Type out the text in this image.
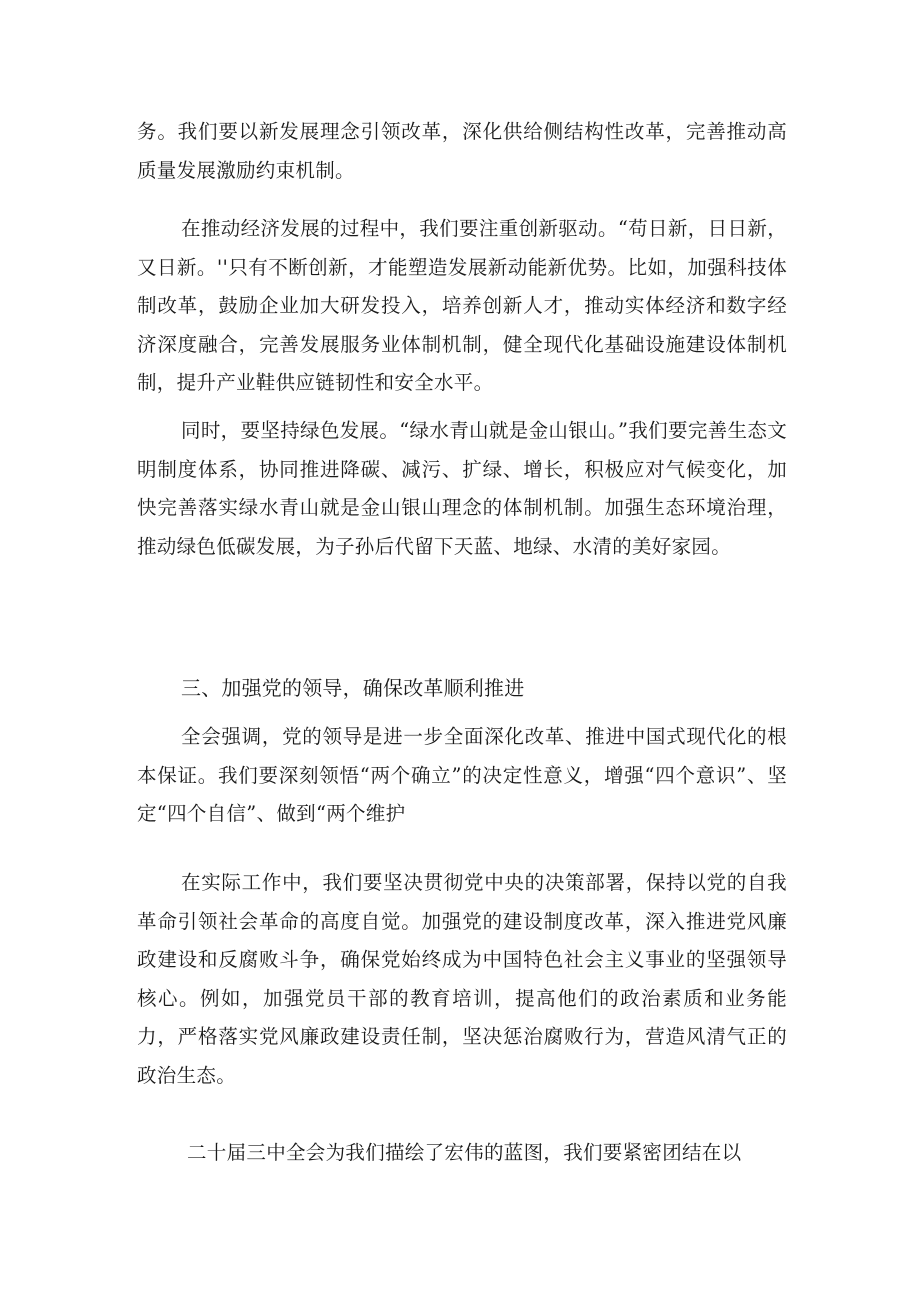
务。我们要以新发展理念引领改革，深化供给侧结构性改革，完善推动高质量发展激励约束机制。
在推动经济发展的过程中，我们要注重创新驱动。“苟日新，日日新，又日新。''只有不断创新，才能塑造发展新动能新优势。比如，加强科技体制改革，鼓励企业加大研发投入，培养创新人才，推动实体经济和数字经济深度融合，完善发展服务业体制机制，健全现代化基础设施建设体制机制，提升产业鞋供应链韧性和安全水平。
同时，要坚持绿色发展。“绿水青山就是金山银山。”我们要完善生态文明制度体系，协同推进降碳、减污、扩绿、增长，积极应对气候变化，加快完善落实绿水青山就是金山银山理念的体制机制。加强生态环境治理，推动绿色低碳发展，为子孙后代留下天蓝、地绿、水清的美好家园。
三、加强党的领导，确保改革顺利推进
全会强调，党的领导是进一步全面深化改革、推进中国式现代化的根本保证。我们要深刻领悟“两个确立”的决定性意义，增强“四个意识”、坚定“四个自信”、做到“两个维护
在实际工作中，我们要坚决贯彻党中央的决策部署，保持以党的自我革命引领社会革命的高度自觉。加强党的建设制度改革，深入推进党风廉政建设和反腐败斗争，确保党始终成为中国特色社会主义事业的坚强领导核心。例如，加强党员干部的教育培训，提高他们的政治素质和业务能力，严格落实党风廉政建设责任制，坚决惩治腐败行为，营造风清气正的政治生态。
二十届三中全会为我们描绘了宏伟的蓝图，我们要紧密团结在以
